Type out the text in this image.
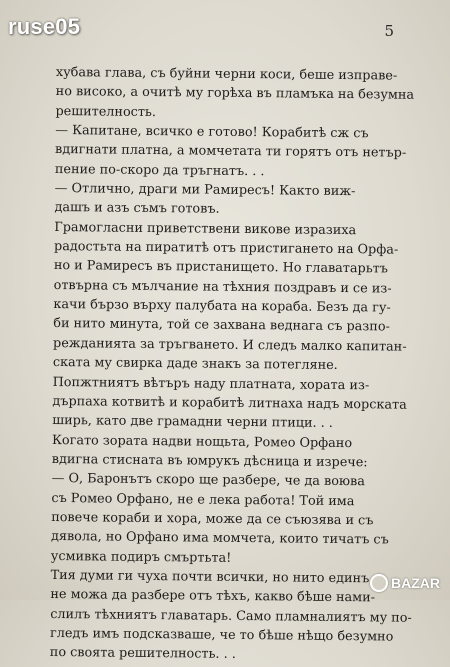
ruse05	5
хубава глава, съ буйни черни коси, беше изправе-
но високо, а очитѣ му горѣха въ пламъка на безумна
решителность.
— Капитане, всичко е готово! Корабитѣ сж съ
вдигнати платна, а момчетата ти горятъ отъ нетър-
пение по-скоро да тръгнатъ. . .
— Отлично, драги ми Рамиресъ! Както виж-
дашъ и азъ съмъ готовъ.
Грамогласни приветствени викове изразиха
радостьта на пиратитѣ отъ пристигането на Орфа-
но и Рамиресъ въ пристанището. Но главатарьтъ
отвърна съ мълчание на тѣхния поздравъ и се из-
качи бързо върху палубата на кораба. Безъ да гу-
би нито минута, той се захвана веднага съ разпо-
режданията за тръгването. И следъ малко капитан-
ската му свирка даде знакъ за потегляне.
Попжтниятъ вѣтъръ наду платната, хората из-
дърпаха котвитѣ и корабитѣ литнаха надъ морската
ширь, като две грамадни черни птици. . .
Когато зората надви нощьта, Ромео Орфано
вдигна стисната въ юмрукъ дѣсница и изрече:
— О, Баронътъ скоро ще разбере, че да воюва
съ Ромео Орфано, не е лека работа! Той има
повече кораби и хора, може да се съюзява и съ
дявола, но Орфано има момчета, които тичатъ съ
усмивка подиръ смъртьта!
Тия думи ги чуха почти всички, но нито единъ
не можа да разбере отъ тѣхъ, какво бѣше нами-
слилъ тѣхниятъ главатарь. Само пламналиятъ му по-
гледъ имъ подсказваше, че то бѣше нѣщо безумно
по своята решителность. . .
BAZAR
